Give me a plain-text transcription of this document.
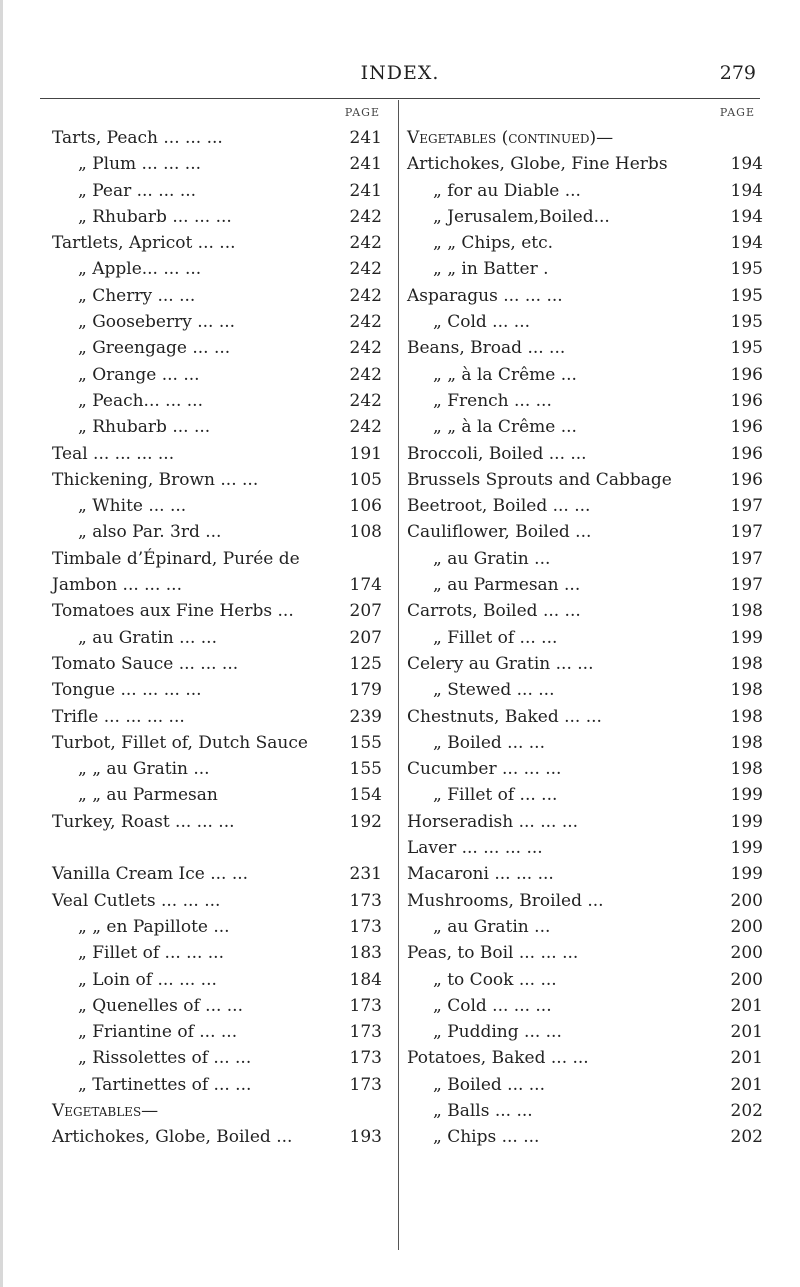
INDEX.	279
PAGE
Tarts, Peach ... ... ...	241
„ Plum ... ... ...	241
„ Pear ... ... ...	241
„ Rhubarb ... ... ...	242
Tartlets, Apricot ... ...	242
„ Apple... ... ...	242
„ Cherry ... ...	242
„ Gooseberry ... ...	242
„ Greengage ... ...	242
„ Orange ... ...	242
„ Peach... ... ...	242
„ Rhubarb ... ...	242
Teal ... ... ... ...	191
Thickening, Brown ... ...	105
„ White ... ...	106
„ also Par. 3rd ...	108
Timbale d’Épinard, Purée de
Jambon ... ... ...	174
Tomatoes aux Fine Herbs ...	207
„ au Gratin ... ...	207
Tomato Sauce ... ... ...	125
Tongue ... ... ... ...	179
Trifle ... ... ... ...	239
Turbot, Fillet of, Dutch Sauce 155
„ „ au Gratin ...	155
„ „ au Parmesan	154
Turkey, Roast ... ... ...	192
Vanilla Cream Ice ... ...	231
Veal Cutlets ... ... ...	173
„ „ en Papillote ...	173
„ Fillet of ... ... ...	183
„ Loin of ... ... ...	184
„ Quenelles of ... ...	173
„ Friantine of ... ...	173
„ Rissolettes of ... ...	173
„ Tartinettes of ... ...	173
Vegetables—
Artichokes, Globe, Boiled ...	193
PAGE
Vegetables (continued)—
Artichokes, Globe, Fine Herbs	194
„ for au Diable ...	194
„ Jerusalem,Boiled...	194
„ „ Chips, etc.	194
„ „ in Batter .	195
Asparagus ... ... ...	195
„ Cold ... ...	195
Beans, Broad ... ...	195
„ „ à la Crême ...	196
„ French ... ...	196
„ „ à la Crême ...	196
Broccoli, Boiled ... ...	196
Brussels Sprouts and Cabbage	196
Beetroot, Boiled ... ...	197
Cauliflower, Boiled ...	197
„ au Gratin ...	197
„ au Parmesan ...	197
Carrots, Boiled ... ...	198
„ Fillet of ... ...	199
Celery au Gratin ... ...	198
„ Stewed ... ...	198
Chestnuts, Baked ... ...	198
„ Boiled ... ...	198
Cucumber ... ... ...	198
„ Fillet of ... ...	199
Horseradish ... ... ...	199
Laver ... ... ... ...	199
Macaroni ... ... ...	199
Mushrooms, Broiled ...	200
„ au Gratin ...	200
Peas, to Boil ... ... ...	200
„ to Cook ... ...	200
„ Cold ... ... ...	201
„ Pudding ... ...	201
Potatoes, Baked ... ...	201
„ Boiled ... ...	201
„ Balls ... ...	202
„ Chips ... ...	202
